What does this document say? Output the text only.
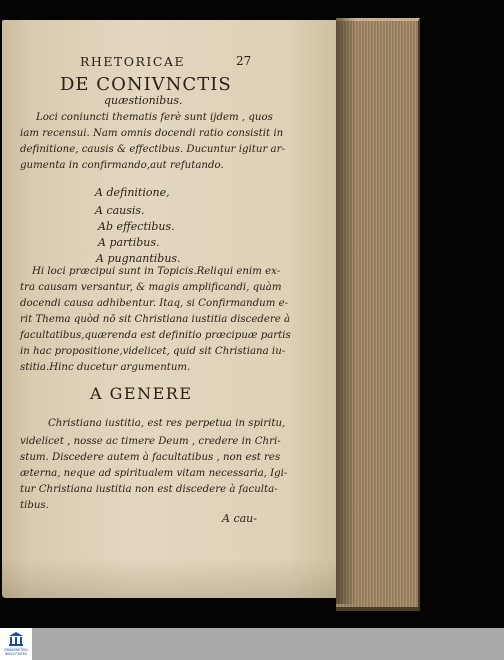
RHETORICAE	27
DE CONIVNCTIS
quæstionibus.
Loci coniuncti thematis ferè sunt ijdem , quos
iam recensui. Nam omnis docendi ratio consistit in
definitione, causis & effectibus. Ducuntur igitur ar-
gumenta in confirmando,aut refutando.
A definitione,
A causis.
Ab effectibus.
A partibus.
A pugnantibus.
Hi loci præcipui sunt in Topicis.Reliqui enim ex-
tra causam versantur, & magis amplificandi, quàm
docendi causa adhibentur. Itaq, si Confirmandum e-
rit Thema quòd nō sit Christiana iustitia discedere à
facultatibus,quærenda est definitio præcipuæ partis
in hac propositione,videlicet, quid sit Christiana iu-
stitia.Hinc ducetur argumentum.
A GENERE
Christiana iustitia, est res perpetua in spiritu,
videlicet , nosse ac timere Deum , credere in Chri-
stum. Discedere autem à facultatibus , non est res
æterna, neque ad spiritualem vitam necessaria, Igi-
tur Christiana iustitia non est discedere à faculta-
tibus.
A cau-
DRAKENSTEIN BIBLIOTHEEK
